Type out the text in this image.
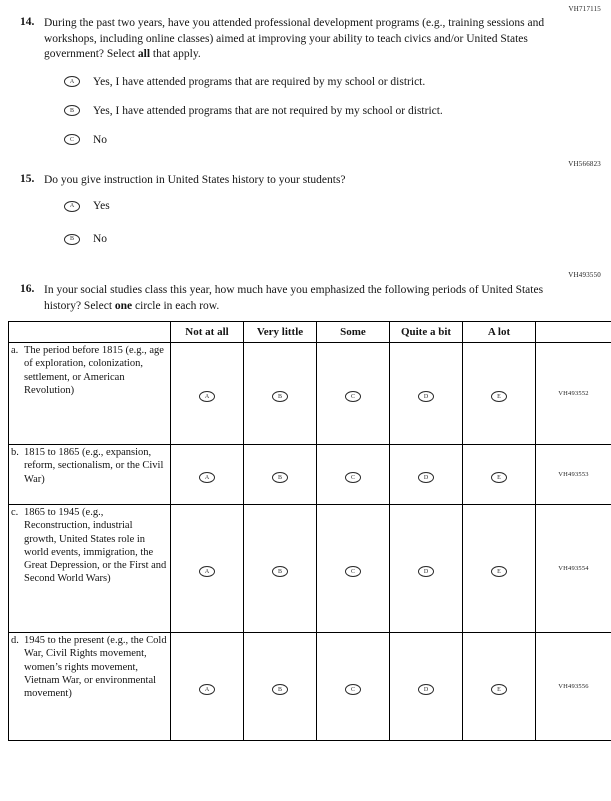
VH717115
14. During the past two years, have you attended professional development programs (e.g., training sessions and workshops, including online classes) aimed at improving your ability to teach civics and/or United States government? Select all that apply.
A	Yes, I have attended programs that are required by my school or district.
B	Yes, I have attended programs that are not required by my school or district.
C	No
VH566823
15. Do you give instruction in United States history to your students?
A	Yes
B	No
VH493550
16. In your social studies class this year, how much have you emphasized the following periods of United States history? Select one circle in each row.
	Not at all	Very little	Some	Quite a bit	A lot	

a. The period before 1815 (e.g., age of exploration, colonization, settlement, or American Revolution)	A	B	C	D	E	VH493552

b. 1815 to 1865 (e.g., expansion, reform, sectionalism, or the Civil War)	A	B	C	D	E	VH493553

c. 1865 to 1945 (e.g., Reconstruction, industrial growth, United States role in world events, immigration, the Great Depression, or the First and Second World Wars)	A	B	C	D	E	VH493554

d. 1945 to the present (e.g., the Cold War, Civil Rights movement, women’s rights movement, Vietnam War, or environmental movement)	A	B	C	D	E	VH493556
